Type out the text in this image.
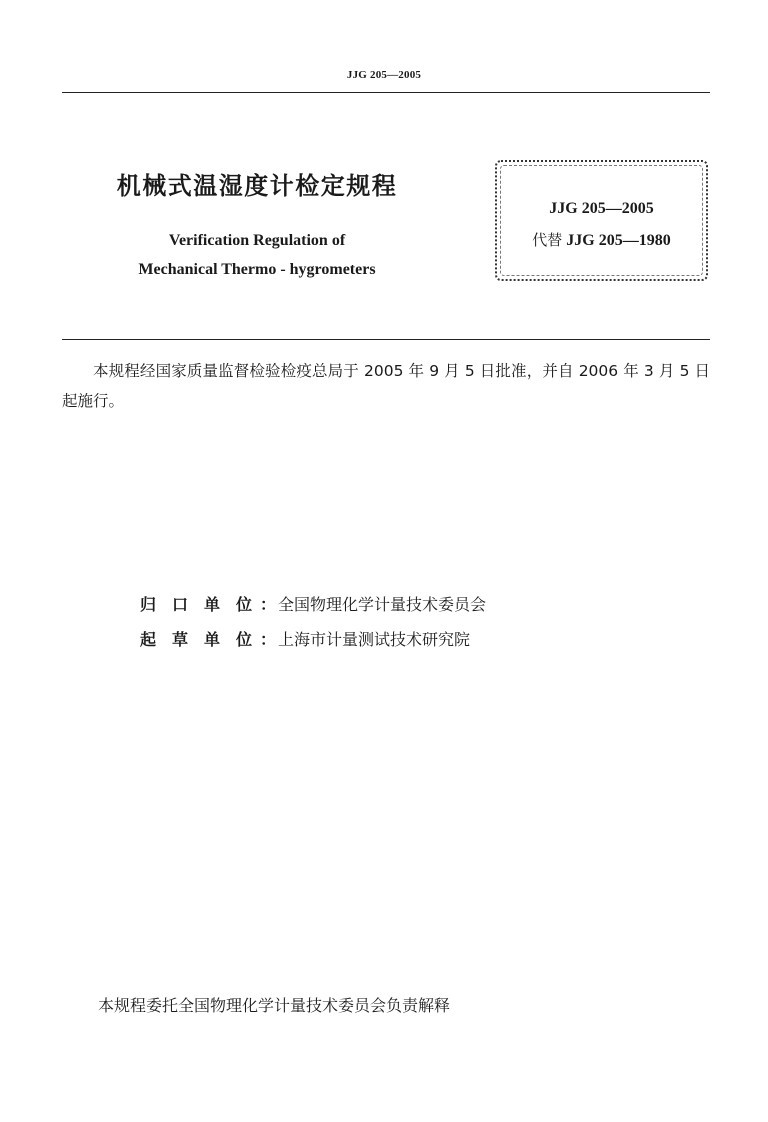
JJG 205—2005
机械式温湿度计检定规程
Verification Regulation of
Mechanical Thermo - hygrometers
JJG 205—2005
代替 JJG 205—1980
本规程经国家质量监督检验检疫总局于 2005 年 9 月 5 日批准，并自 2006 年 3 月 5 日起施行。
归 口 单 位 ： 全国物理化学计量技术委员会
起 草 单 位 ： 上海市计量测试技术研究院
本规程委托全国物理化学计量技术委员会负责解释
